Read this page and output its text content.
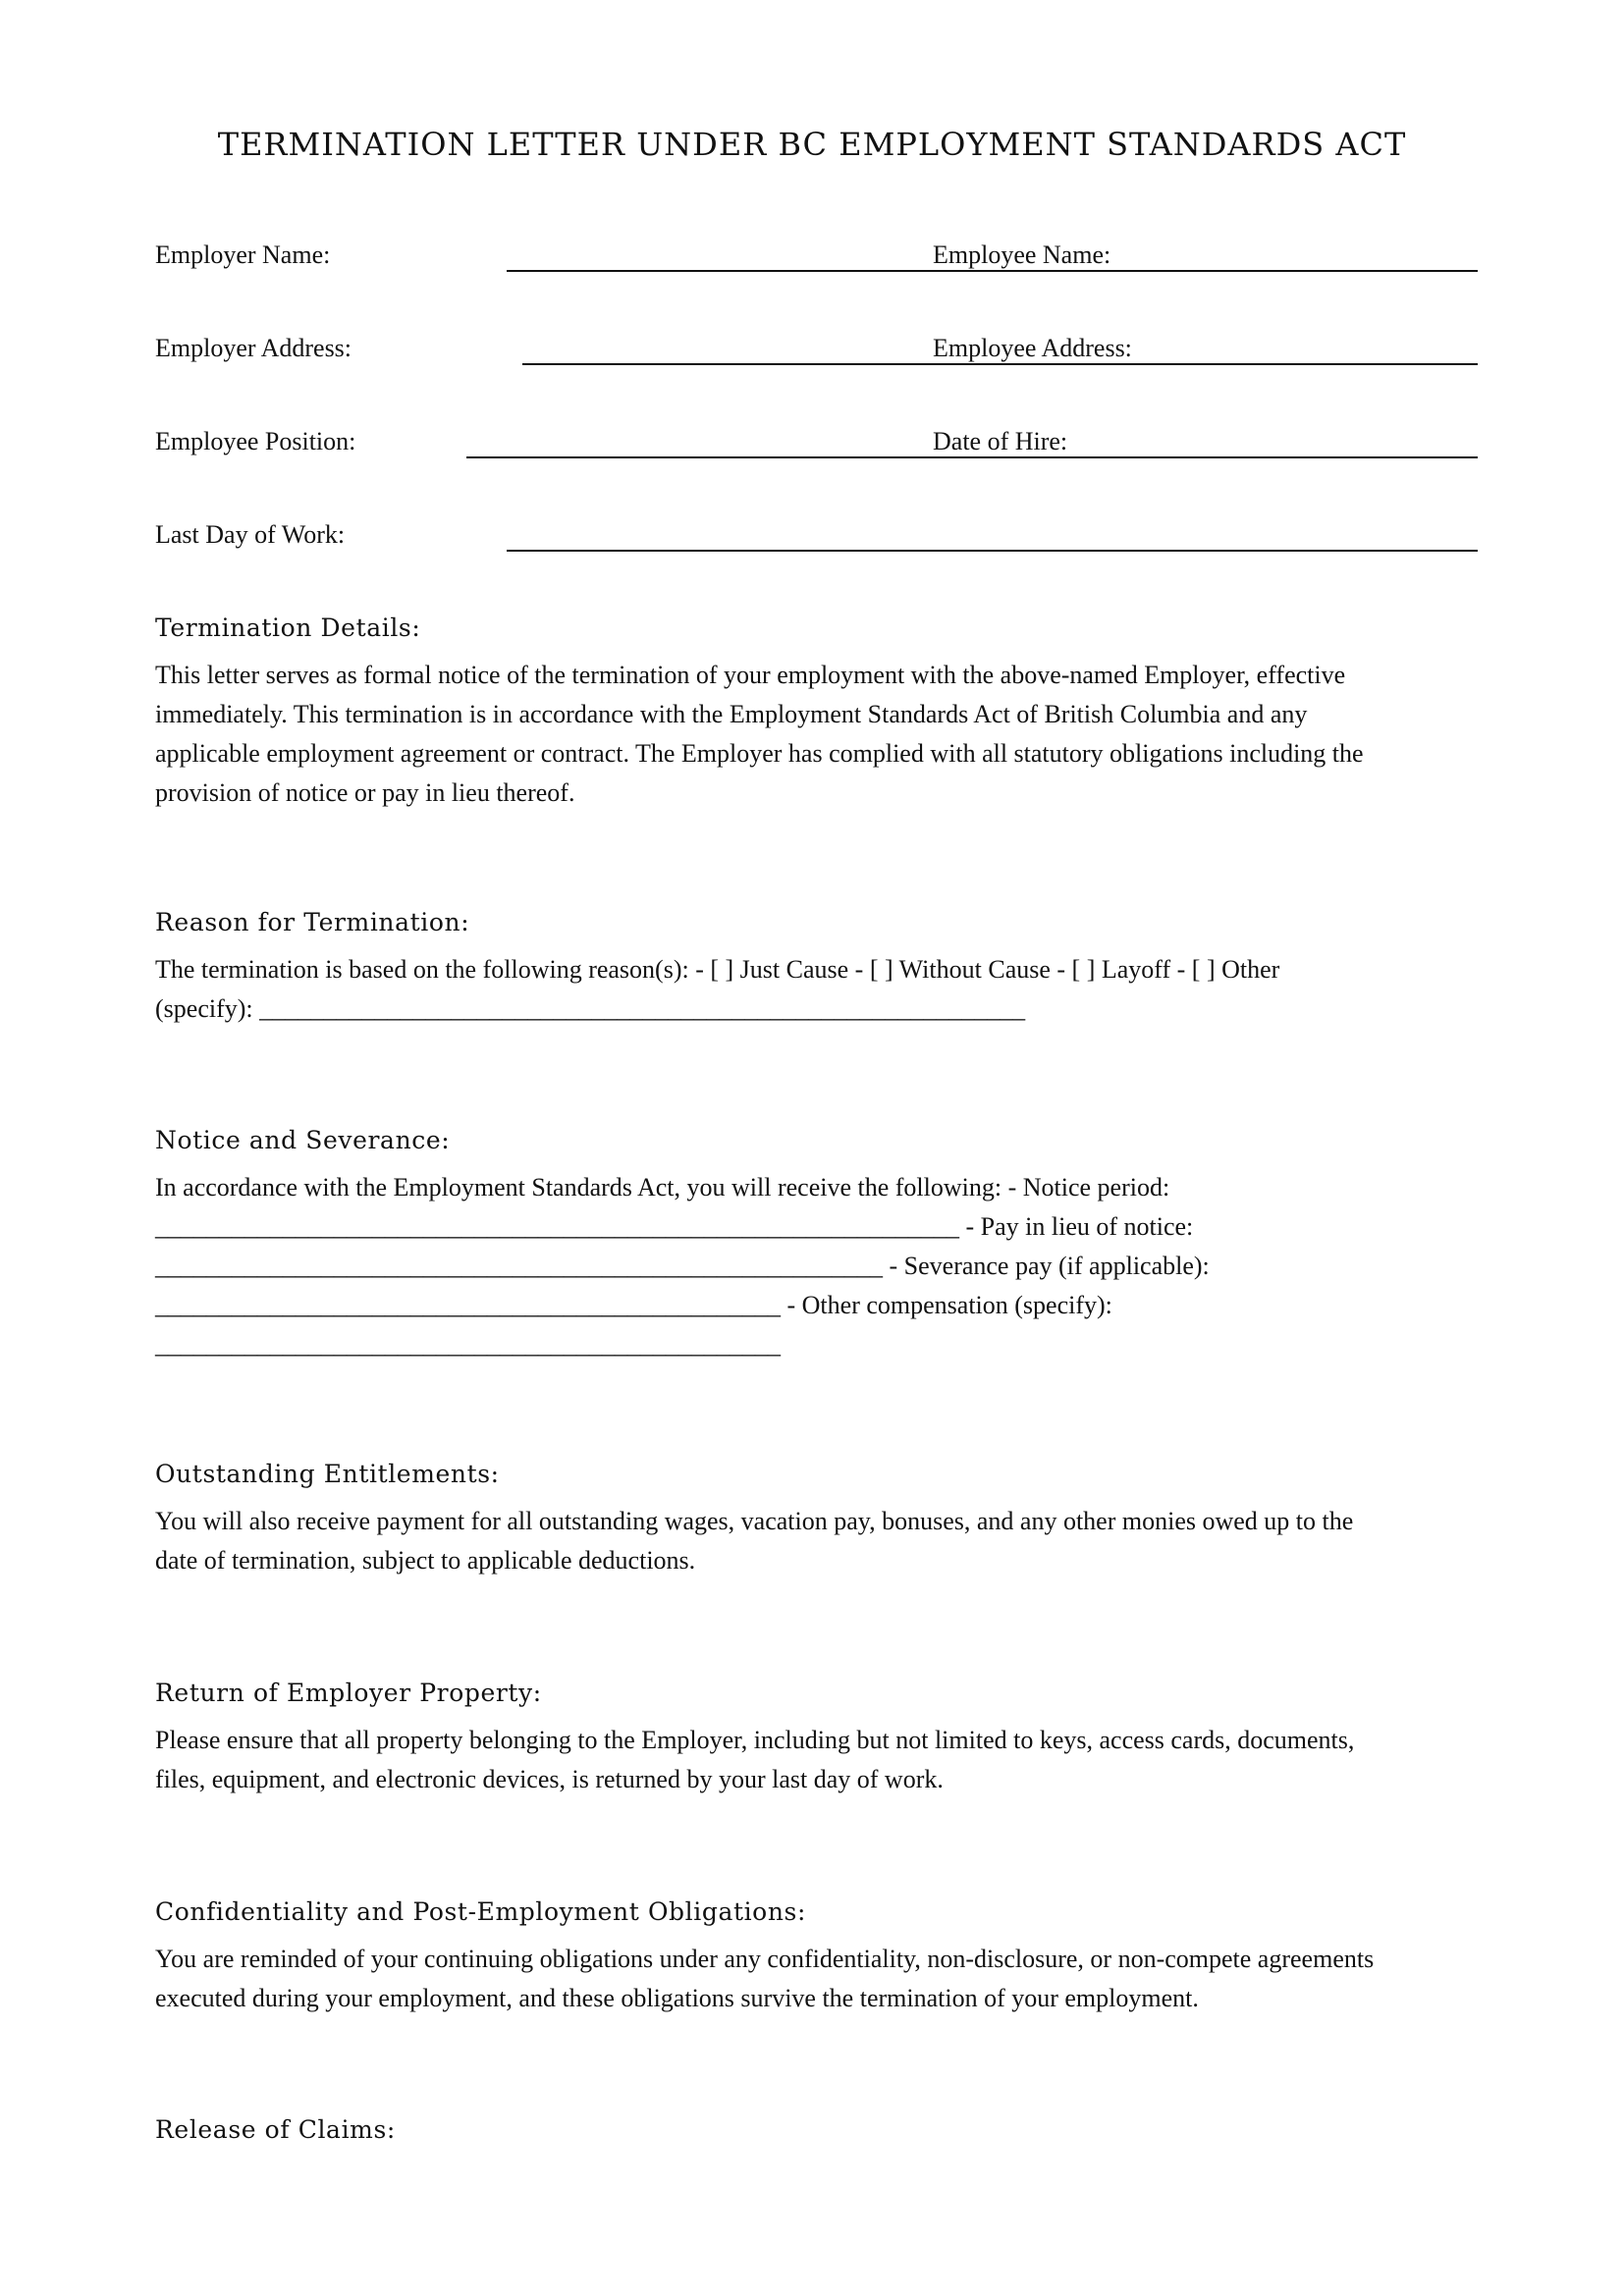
TERMINATION LETTER UNDER BC EMPLOYMENT STANDARDS ACT
Employer Name:	Employee Name:
Employer Address:	Employee Address:
Employee Position:	Date of Hire:
Last Day of Work:
Termination Details:

This letter serves as formal notice of the termination of your employment with the above-named Employer, effective
immediately. This termination is in accordance with the Employment Standards Act of British Columbia and any
applicable employment agreement or contract. The Employer has complied with all statutory obligations including the
provision of notice or pay in lieu thereof.

Reason for Termination:

The termination is based on the following reason(s): - [ ] Just Cause - [ ] Without Cause - [ ] Layoff - [ ] Other
(specify): ____________________________________________________________

Notice and Severance:

In accordance with the Employment Standards Act, you will receive the following: - Notice period:
_______________________________________________________________ - Pay in lieu of notice:
_________________________________________________________ - Severance pay (if applicable):
_________________________________________________ - Other compensation (specify):
_________________________________________________

Outstanding Entitlements:

You will also receive payment for all outstanding wages, vacation pay, bonuses, and any other monies owed up to the
date of termination, subject to applicable deductions.

Return of Employer Property:

Please ensure that all property belonging to the Employer, including but not limited to keys, access cards, documents,
files, equipment, and electronic devices, is returned by your last day of work.

Confidentiality and Post-Employment Obligations:

You are reminded of your continuing obligations under any confidentiality, non-disclosure, or non-compete agreements
executed during your employment, and these obligations survive the termination of your employment.

Release of Claims:
